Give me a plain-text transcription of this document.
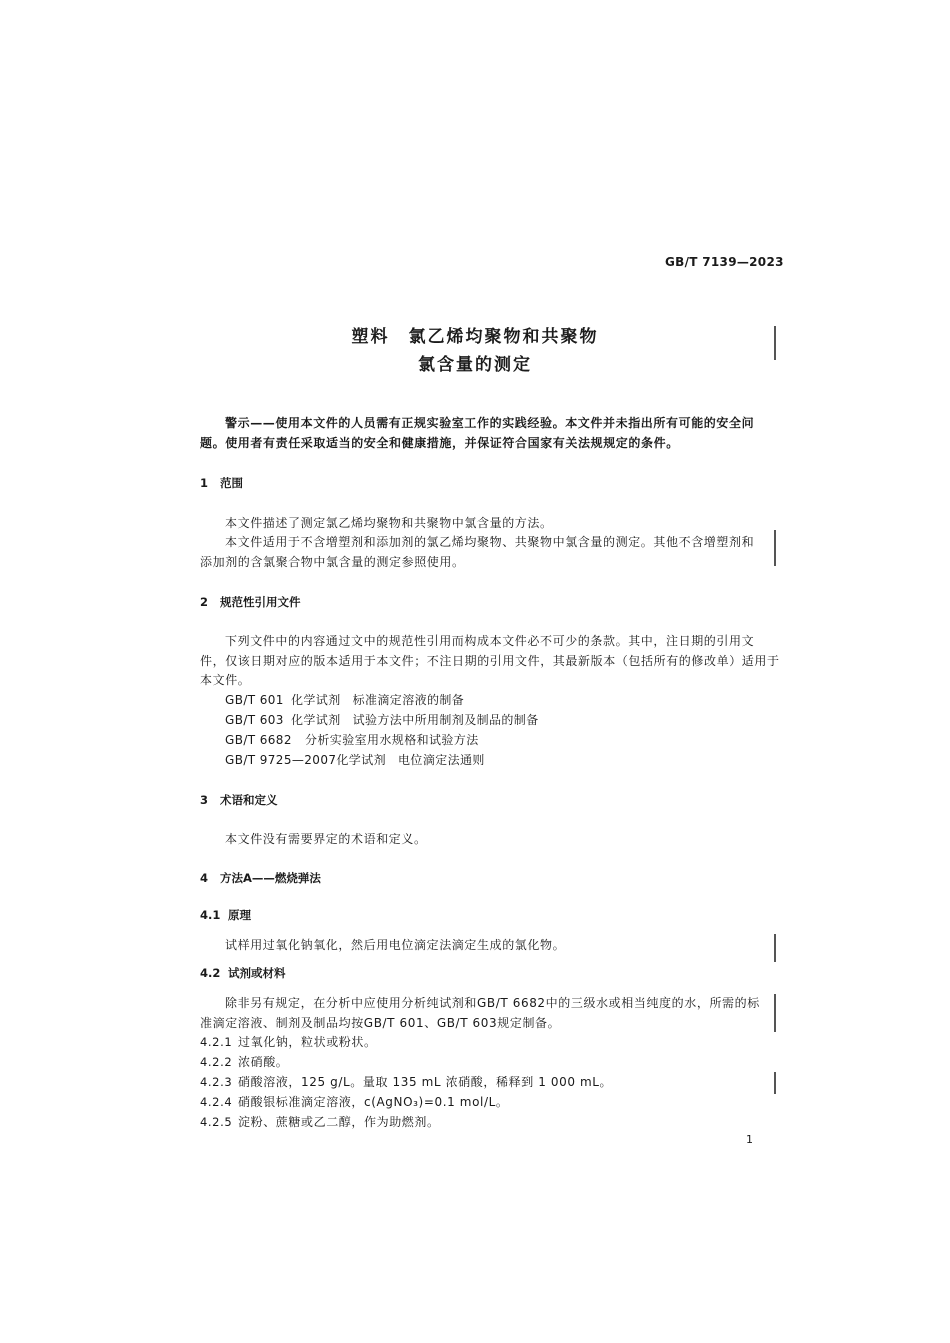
GB/T 7139—2023
塑料　氯乙烯均聚物和共聚物
氯含量的测定
警示——使用本文件的人员需有正规实验室工作的实践经验。本文件并未指出所有可能的安全问
题。使用者有责任采取适当的安全和健康措施，并保证符合国家有关法规规定的条件。
1 范围
本文件描述了测定氯乙烯均聚物和共聚物中氯含量的方法。
本文件适用于不含增塑剂和添加剂的氯乙烯均聚物、共聚物中氯含量的测定。其他不含增塑剂和
添加剂的含氯聚合物中氯含量的测定参照使用。
2 规范性引用文件
下列文件中的内容通过文中的规范性引用而构成本文件必不可少的条款。其中，注日期的引用文
件，仅该日期对应的版本适用于本文件；不注日期的引用文件，其最新版本（包括所有的修改单）适用于
本文件。
GB/T 601 化学试剂 标准滴定溶液的制备
GB/T 603 化学试剂 试验方法中所用制剂及制品的制备
GB/T 6682 分析实验室用水规格和试验方法
GB/T 9725—2007化学试剂 电位滴定法通则
3 术语和定义
本文件没有需要界定的术语和定义。
4 方法A——燃烧弹法
4.1 原理
试样用过氧化钠氧化，然后用电位滴定法滴定生成的氯化物。
4.2 试剂或材料
除非另有规定，在分析中应使用分析纯试剂和GB/T 6682中的三级水或相当纯度的水，所需的标
准滴定溶液、制剂及制品均按GB/T 601、GB/T 603规定制备。
4.2.1 过氧化钠，粒状或粉状。
4.2.2 浓硝酸。
4.2.3 硝酸溶液，125 g/L。量取 135 mL 浓硝酸，稀释到 1 000 mL。
4.2.4 硝酸银标准滴定溶液，c(AgNO₃)=0.1 mol/L。
4.2.5 淀粉、蔗糖或乙二醇，作为助燃剂。
1
